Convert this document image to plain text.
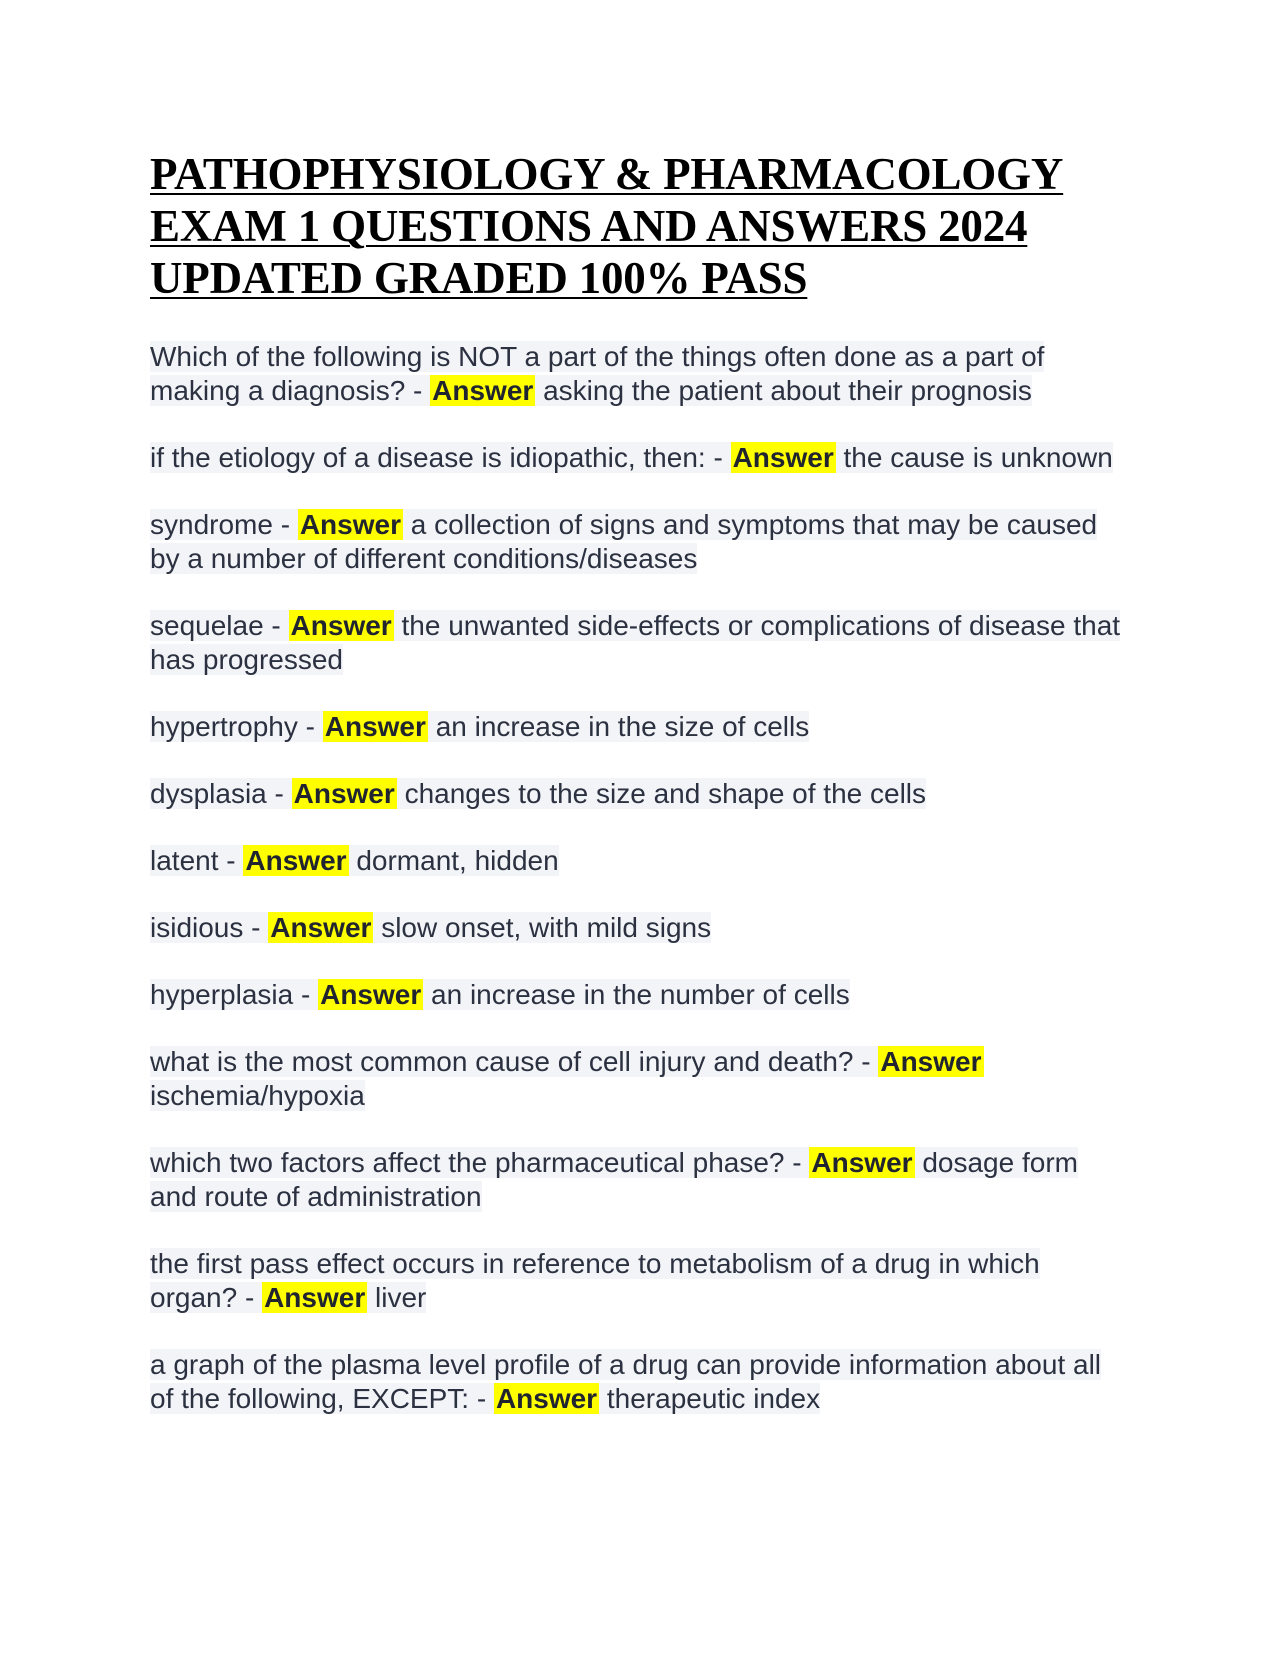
PATHOPHYSIOLOGY & PHARMACOLOGY EXAM 1 QUESTIONS AND ANSWERS 2024 UPDATED GRADED 100% PASS

Which of the following is NOT a part of the things often done as a part of making a diagnosis? - Answer asking the patient about their prognosis

if the etiology of a disease is idiopathic, then: - Answer the cause is unknown

syndrome - Answer a collection of signs and symptoms that may be caused by a number of different conditions/diseases

sequelae - Answer the unwanted side-effects or complications of disease that has progressed

hypertrophy - Answer an increase in the size of cells

dysplasia - Answer changes to the size and shape of the cells

latent - Answer dormant, hidden

isidious - Answer slow onset, with mild signs

hyperplasia - Answer an increase in the number of cells

what is the most common cause of cell injury and death? - Answer ischemia/hypoxia

which two factors affect the pharmaceutical phase? - Answer dosage form and route of administration

the first pass effect occurs in reference to metabolism of a drug in which organ? - Answer liver

a graph of the plasma level profile of a drug can provide information about all of the following, EXCEPT: - Answer therapeutic index
